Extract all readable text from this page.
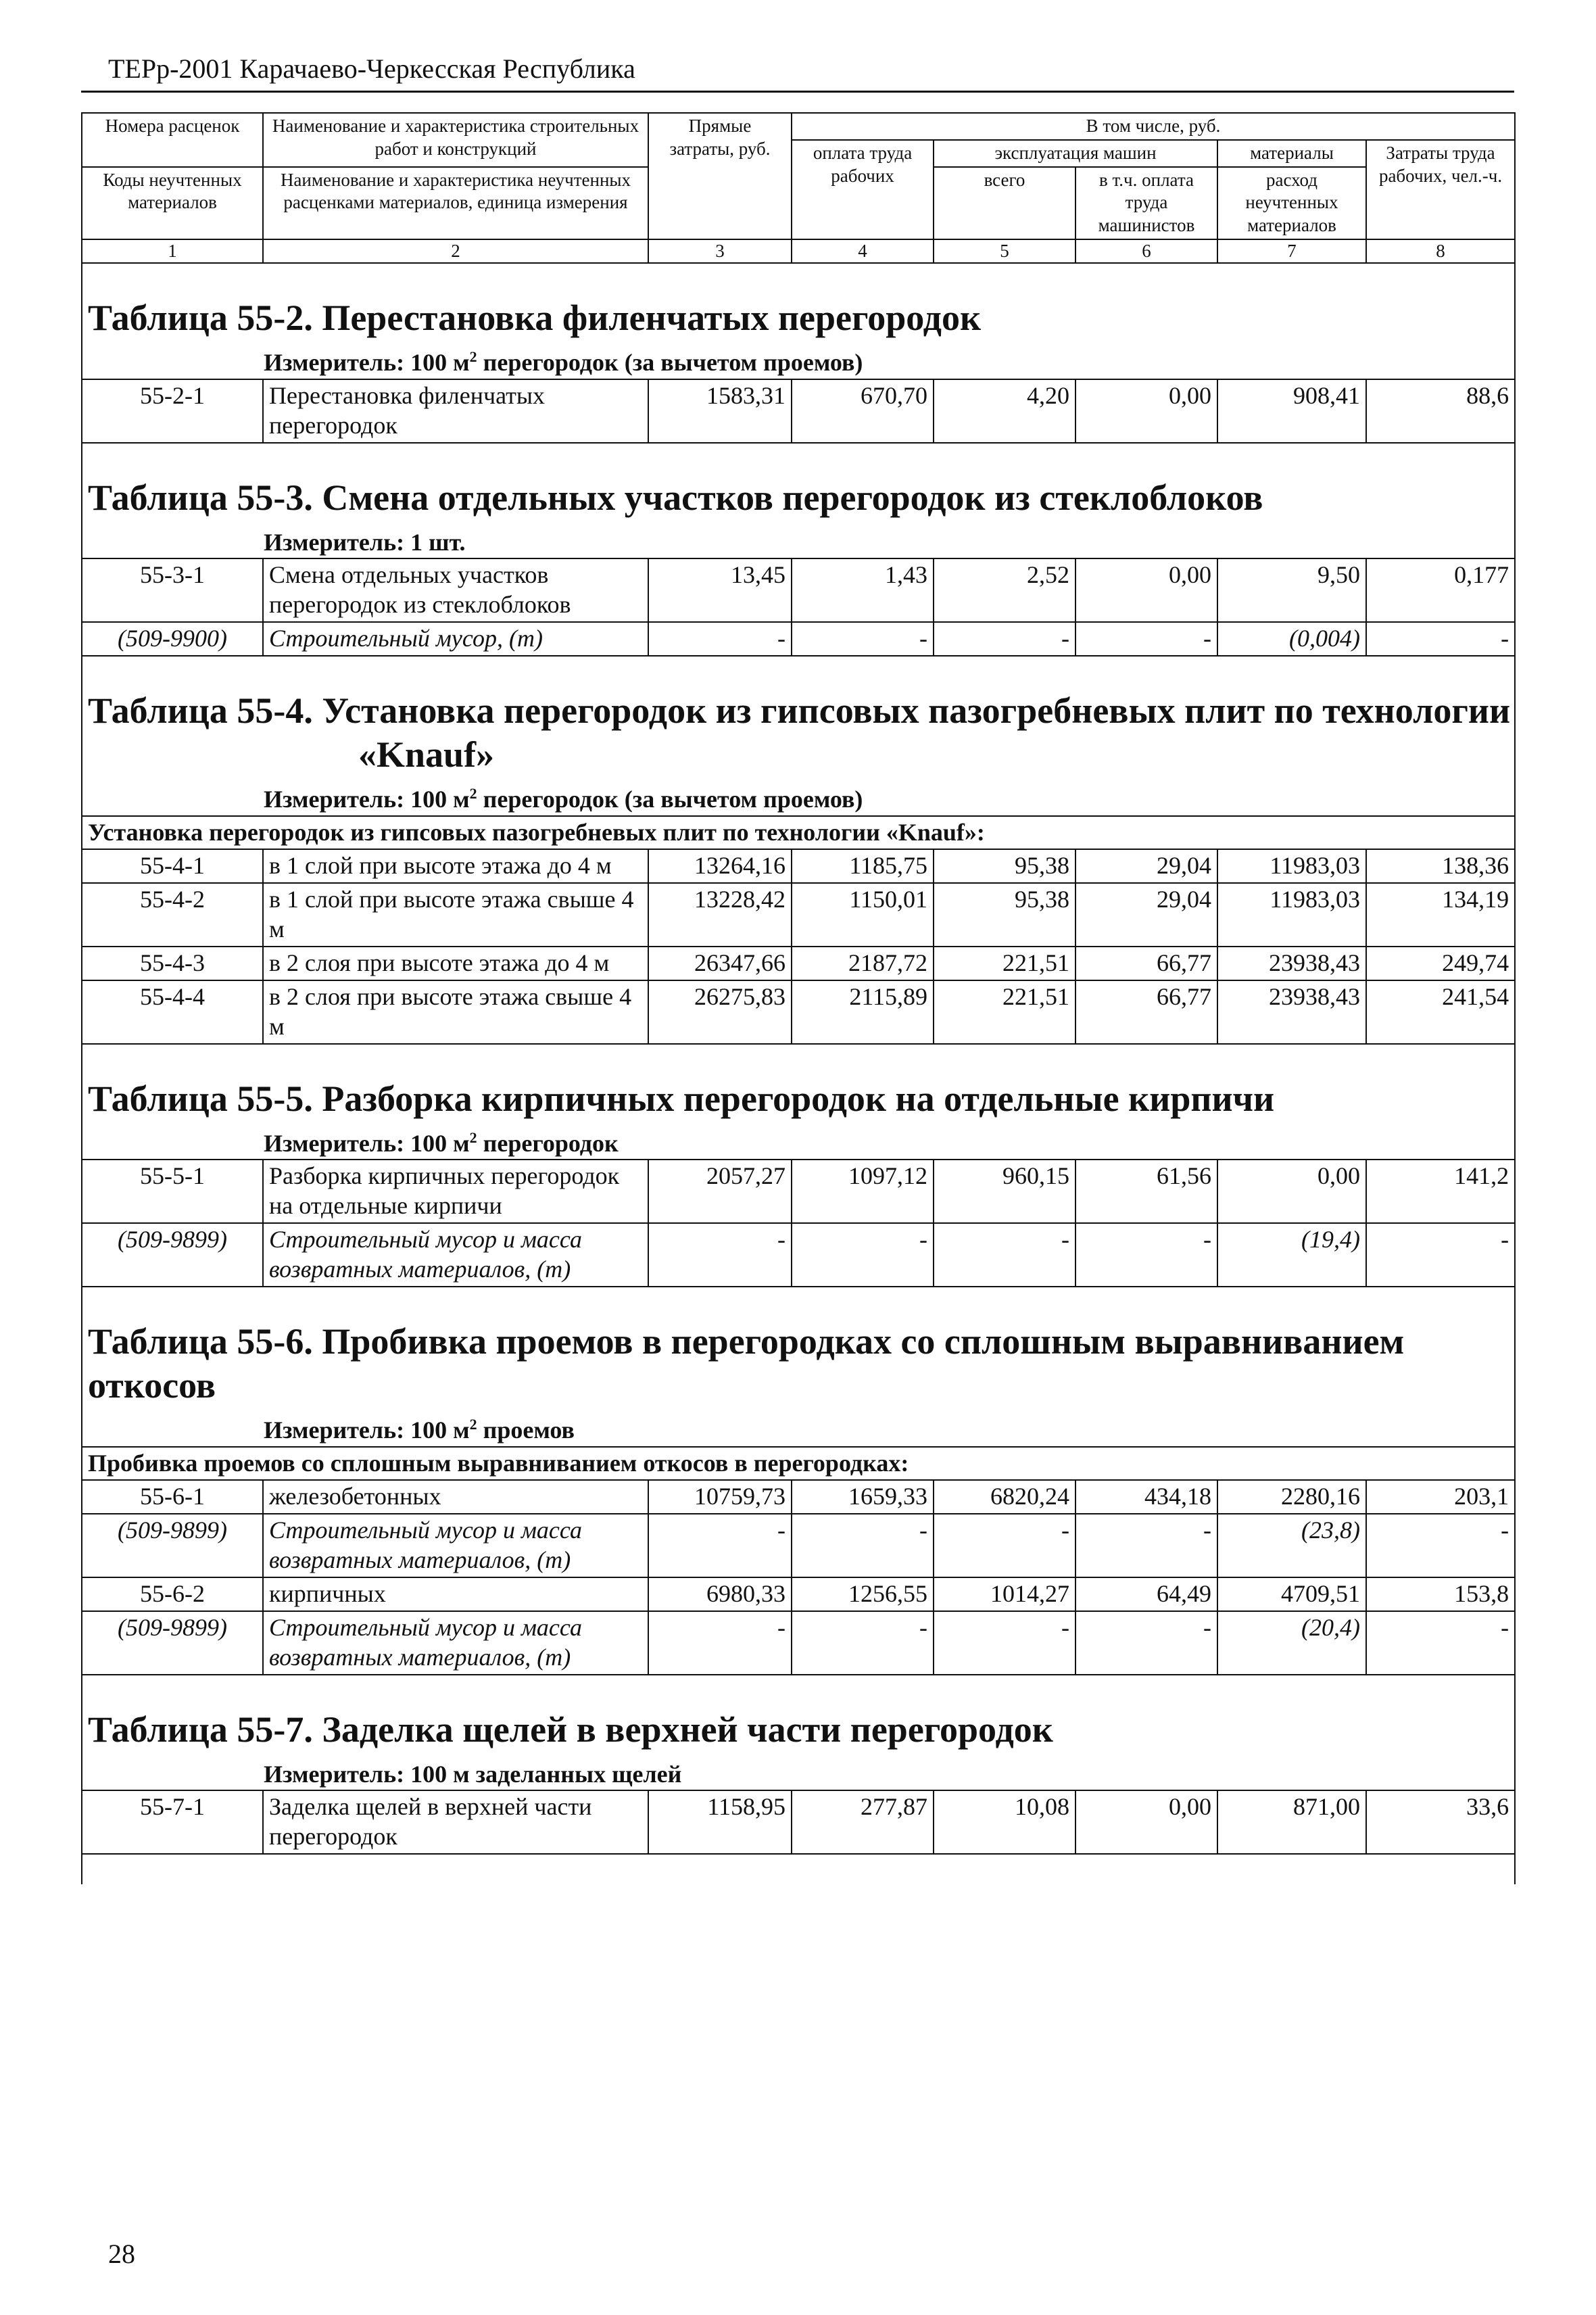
ТЕРр-2001 Карачаево-Черкесская Республика
Номера расценок	Наименование и характеристика строительных работ и конструкций	Прямые затраты, руб.	В том числе, руб.				
			оплата труда рабочих	эксплуатация машин		материалы	Затраты труда рабочих, чел.-ч.
Коды неучтенных материалов	Наименование и характеристика неучтенных расценками материалов, единица измерения			всего	в т.ч. оплата труда машинистов	расход неучтенных материалов	

1	2	3	4	5	6	7	8

Таблица 55-2. Перестановка филенчатых перегородок
Измеритель: 100 $м^2$ перегородок (за вычетом проемов)							

55-2-1	Перестановка филенчатых перегородок	1583,31	670,70	4,20	0,00	908,41	88,6

Таблица 55-3. Смена отдельных участков перегородок из стеклоблоков
Измеритель: 1 шт.							

55-3-1	Смена отдельных участков перегородок из стеклоблоков	13,45	1,43	2,52	0,00	9,50	0,177
(509-9900)	Строительный мусор, (т)	-	-	-	-	(0,004)	-

Таблица 55-4. Установка перегородок из гипсовых пазогребневых плит по технологии
«Knauf»
Измеритель: 100 $м^2$ перегородок (за вычетом проемов)							

Установка перегородок из гипсовых пазогребневых плит по технологии «Knauf»:							
55-4-1	в 1 слой при высоте этажа до 4 м	13264,16	1185,75	95,38	29,04	11983,03	138,36
55-4-2	в 1 слой при высоте этажа свыше 4 м	13228,42	1150,01	95,38	29,04	11983,03	134,19
55-4-3	в 2 слоя при высоте этажа до 4 м	26347,66	2187,72	221,51	66,77	23938,43	249,74
55-4-4	в 2 слоя при высоте этажа свыше 4 м	26275,83	2115,89	221,51	66,77	23938,43	241,54

Таблица 55-5. Разборка кирпичных перегородок на отдельные кирпичи
Измеритель: 100 $м^2$ перегородок							

55-5-1	Разборка кирпичных перегородок на отдельные кирпичи	2057,27	1097,12	960,15	61,56	0,00	141,2
(509-9899)	Строительный мусор и масса возвратных материалов, (т)	-	-	-	-	(19,4)	-

Таблица 55-6. Пробивка проемов в перегородках со сплошным выравниванием откосов
Измеритель: 100 $м^2$ проемов							

Пробивка проемов со сплошным выравниванием откосов в перегородках:							
55-6-1	железобетонных	10759,73	1659,33	6820,24	434,18	2280,16	203,1
(509-9899)	Строительный мусор и масса возвратных материалов, (т)	-	-	-	-	(23,8)	-
55-6-2	кирпичных	6980,33	1256,55	1014,27	64,49	4709,51	153,8
(509-9899)	Строительный мусор и масса возвратных материалов, (т)	-	-	-	-	(20,4)	-

Таблица 55-7. Заделка щелей в верхней части перегородок
Измеритель: 100 м заделанных щелей							

55-7-1	Заделка щелей в верхней части перегородок	1158,95	277,87	10,08	0,00	871,00	33,6

28
